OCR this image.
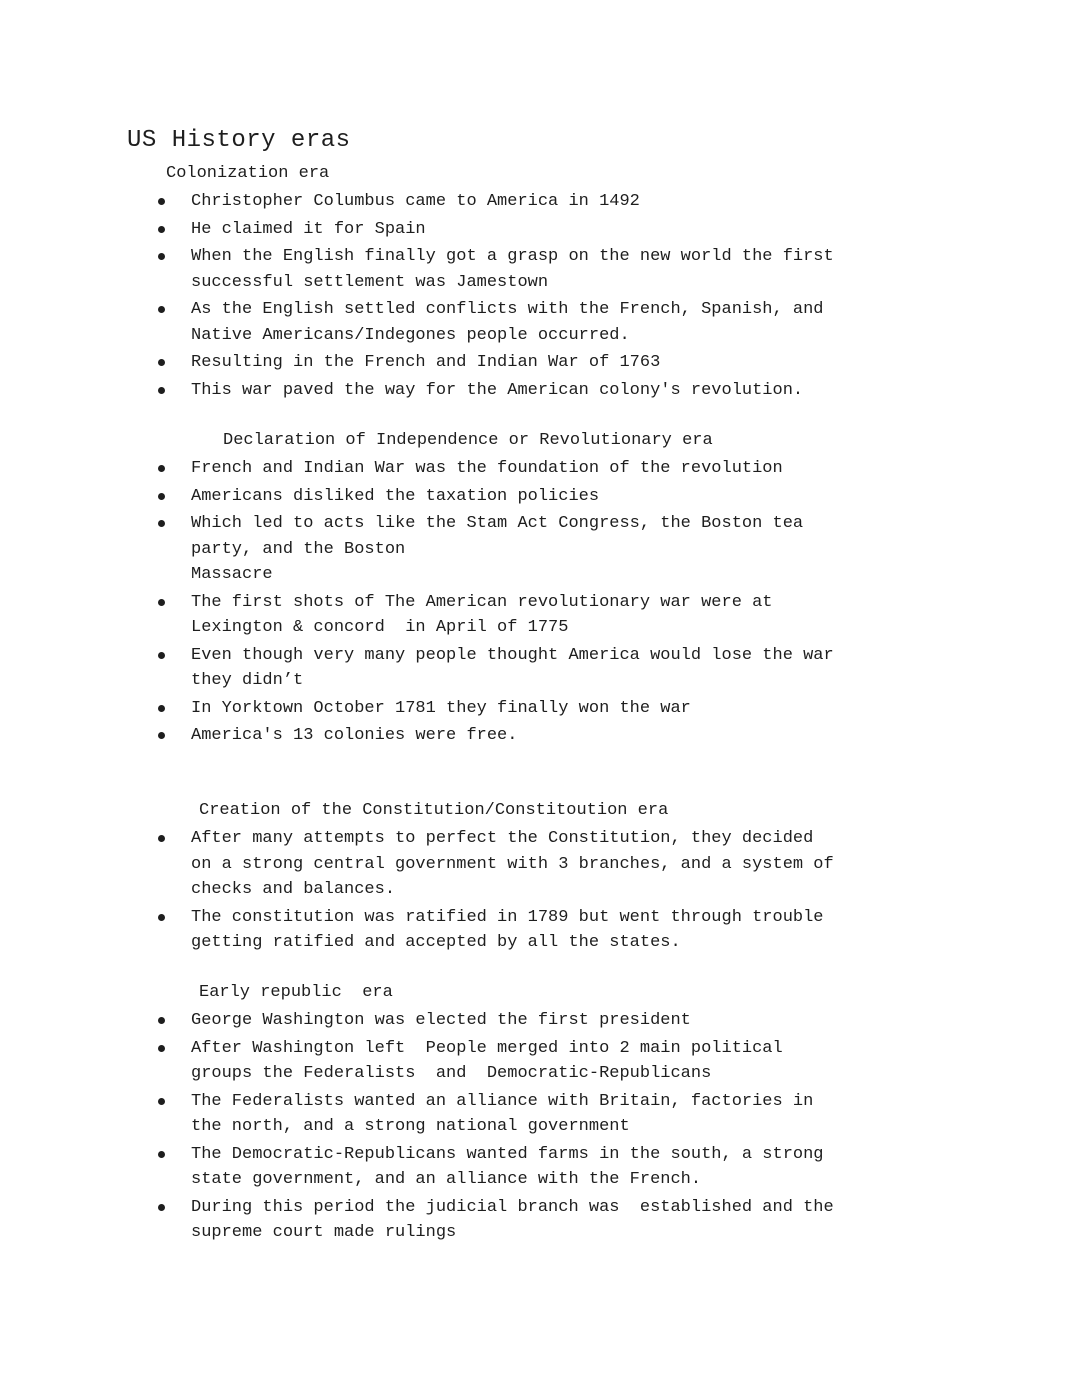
US History eras
Colonization era
Christopher Columbus came to America in 1492
He claimed it for Spain
When the English finally got a grasp on the new world the first
successful settlement was Jamestown
As the English settled conflicts with the French, Spanish, and
Native Americans/Indegones people occurred.
Resulting in the French and Indian War of 1763
This war paved the way for the American colony's revolution.
Declaration of Independence or Revolutionary era
French and Indian War was the foundation of the revolution
Americans disliked the taxation policies
Which led to acts like the Stam Act Congress, the Boston tea
party, and the Boston
Massacre
The first shots of The American revolutionary war were at
Lexington & concord  in April of 1775
Even though very many people thought America would lose the war
they didn’t
In Yorktown October 1781 they finally won the war
America's 13 colonies were free.
Creation of the Constitution/Constitoution era
After many attempts to perfect the Constitution, they decided
on a strong central government with 3 branches, and a system of
checks and balances.
The constitution was ratified in 1789 but went through trouble
getting ratified and accepted by all the states.
Early republic  era
George Washington was elected the first president
After Washington left  People merged into 2 main political
groups the Federalists  and  Democratic-Republicans
The Federalists wanted an alliance with Britain, factories in
the north, and a strong national government
The Democratic-Republicans wanted farms in the south, a strong
state government, and an alliance with the French.
During this period the judicial branch was  established and the
supreme court made rulings
